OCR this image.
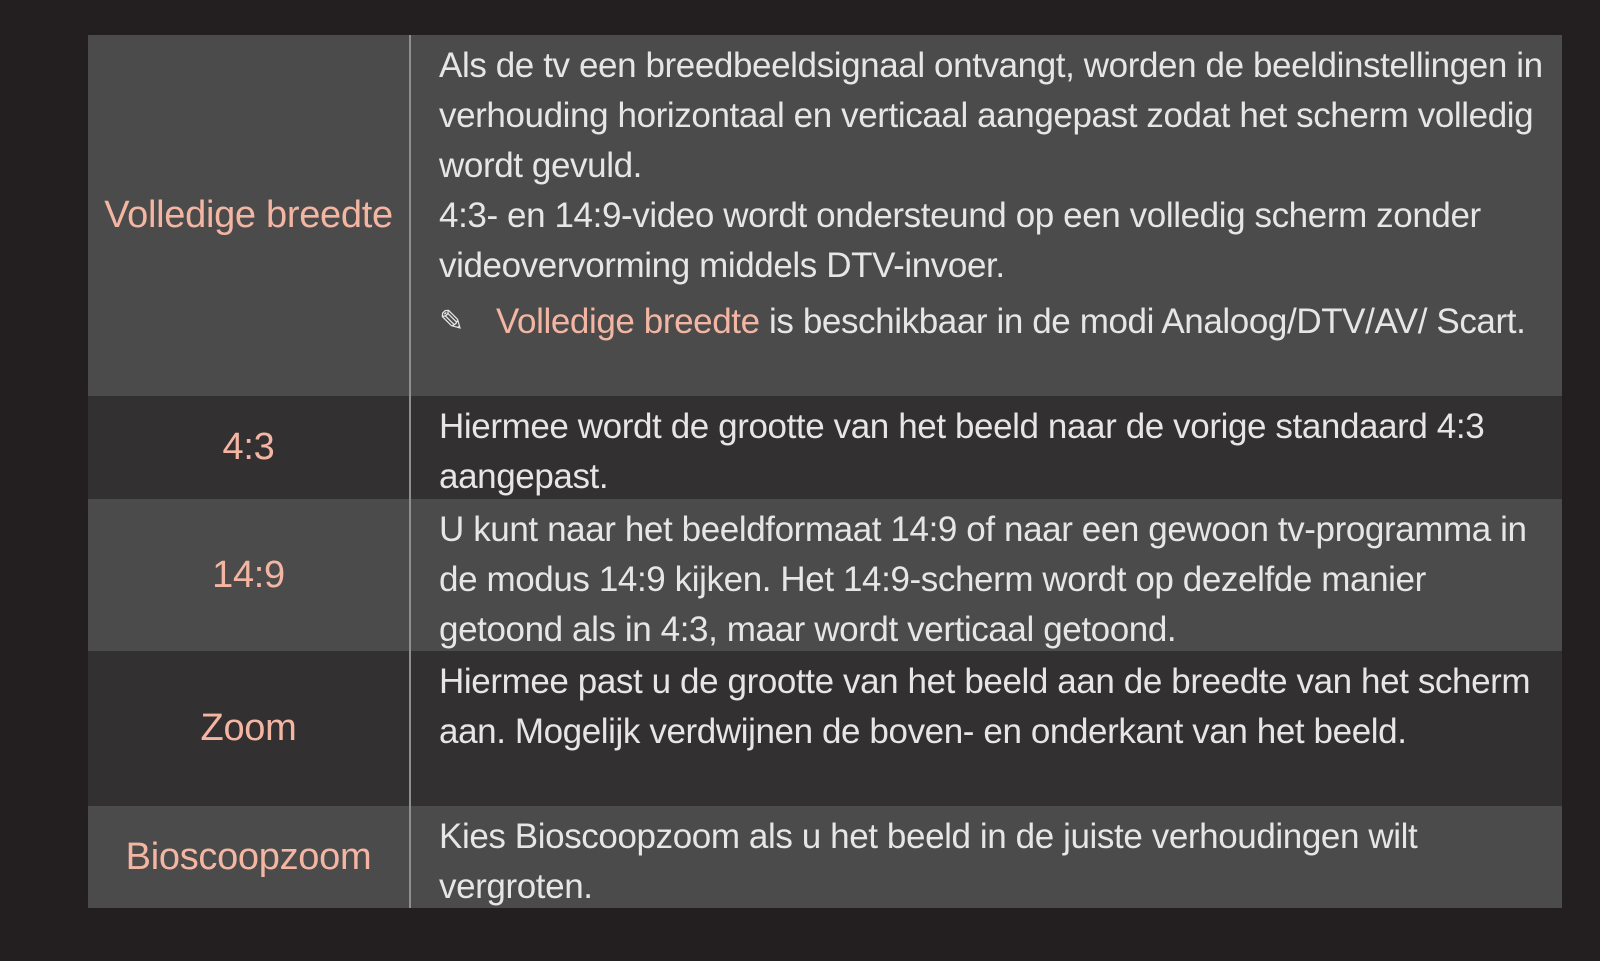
Volledige breedte

Als de tv een breedbeeldsignaal ontvangt, worden de beeldinstellingen in verhouding horizontaal en verticaal aangepast zodat het scherm volledig wordt gevuld.

4:3- en 14:9-video wordt ondersteund op een volledig scherm zonder videovervorming middels DTV-invoer.

✎ Volledige breedte is beschikbaar in de modi Analoog/DTV/AV/ Scart.
4:3	Hiermee wordt de grootte van het beeld naar de vorige standaard 4:3 aangepast.

14:9

U kunt naar het beeldformaat 14:9 of naar een gewoon tv-programma in de modus 14:9 kijken. Het 14:9-scherm wordt op dezelfde manier getoond als in 4:3, maar wordt verticaal getoond.

Zoom

Hiermee past u de grootte van het beeld aan de breedte van het scherm aan. Mogelijk verdwijnen de boven- en onderkant van het beeld.

Bioscoopzoom	Kies Bioscoopzoom als u het beeld in de juiste verhoudingen wilt vergroten.
